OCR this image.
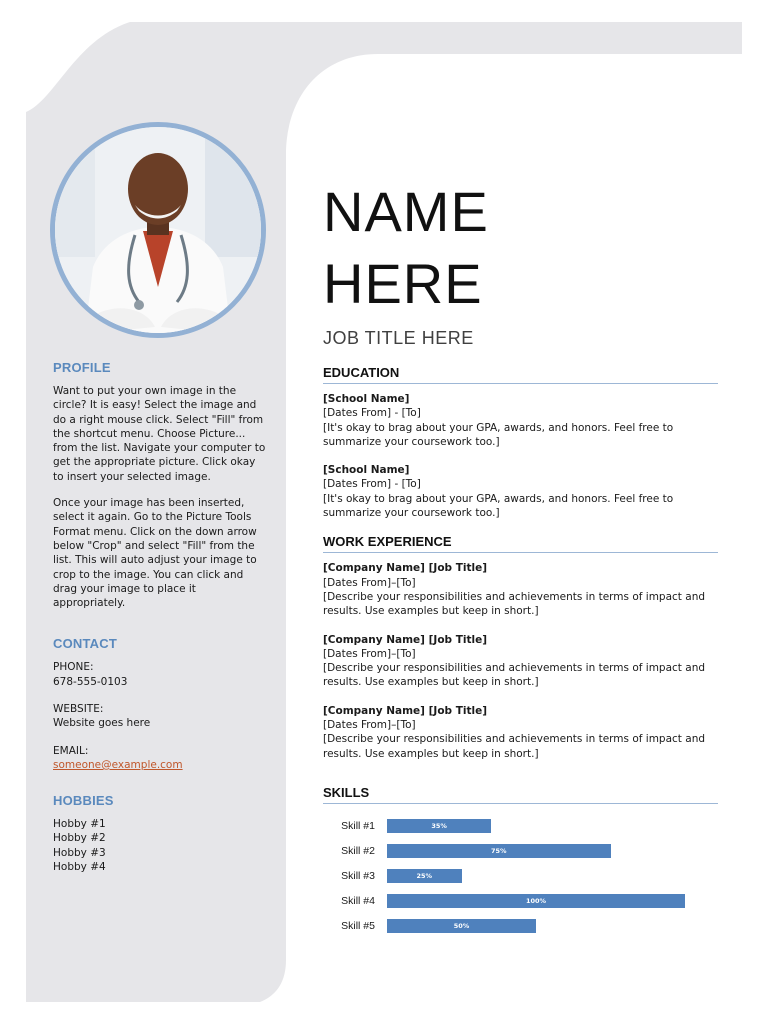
PROFILE

Want to put your own image in the circle? It is easy! Select the image and do a right mouse click. Select "Fill" from the shortcut menu. Choose Picture... from the list. Navigate your computer to get the appropriate picture. Click okay to insert your selected image.

Once your image has been inserted, select it again. Go to the Picture Tools Format menu. Click on the down arrow below "Crop" and select "Fill" from the list. This will auto adjust your image to crop to the image. You can click and drag your image to place it appropriately.

CONTACT
PHONE:
678-555-0103
WEBSITE:
Website goes here
EMAIL:
someone@example.com
HOBBIES
Hobby #1
Hobby #2
Hobby #3
Hobby #4
NAME
HERE
JOB TITLE HERE
EDUCATION
[School Name]
[Dates From] - [To]
[It's okay to brag about your GPA, awards, and honors. Feel free to summarize your coursework too.]
[School Name]
[Dates From] - [To]
[It's okay to brag about your GPA, awards, and honors. Feel free to summarize your coursework too.]
WORK EXPERIENCE
[Company Name] [Job Title]
[Dates From]–[To]
[Describe your responsibilities and achievements in terms of impact and results. Use examples but keep in short.]
[Company Name] [Job Title]
[Dates From]–[To]
[Describe your responsibilities and achievements in terms of impact and results. Use examples but keep in short.]
[Company Name] [Job Title]
[Dates From]–[To]
[Describe your responsibilities and achievements in terms of impact and results. Use examples but keep in short.]
SKILLS
Skill #1	35%
Skill #2	75%
Skill #3	25%
Skill #4	100%
Skill #5	50%
